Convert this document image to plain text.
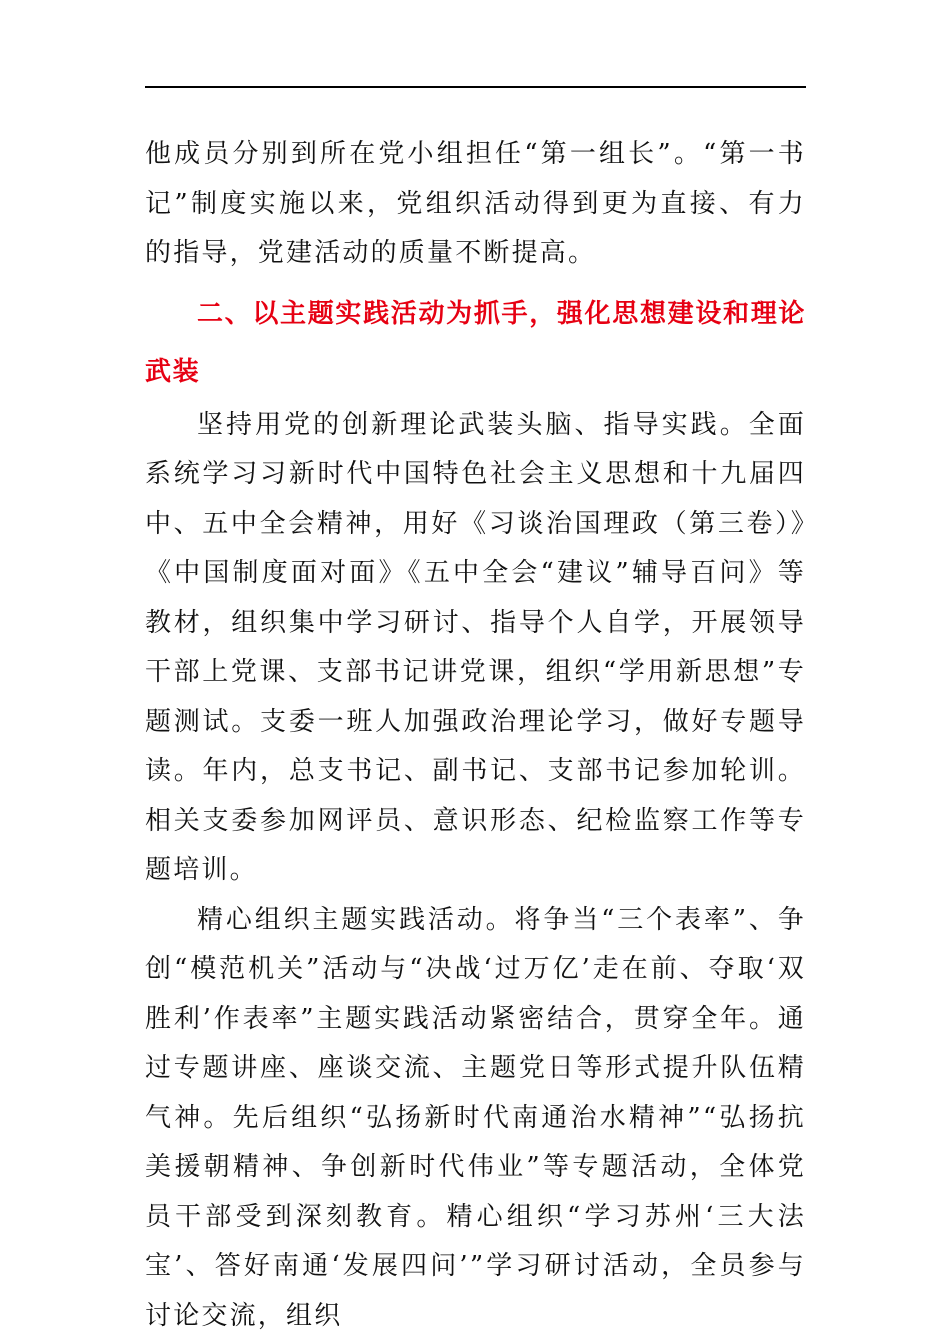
他成员分别到所在党小组担任“第一组长”。“第一书记”制度实施以来，党组织活动得到更为直接、有力的指导，党建活动的质量不断提高。

二、以主题实践活动为抓手，强化思想建设和理论武装

坚持用党的创新理论武装头脑、指导实践。全面系统学习习新时代中国特色社会主义思想和十九届四中、五中全会精神，用好《习谈治国理政（第三卷）》《中国制度面对面》《五中全会“建议”辅导百问》等教材，组织集中学习研讨、指导个人自学，开展领导干部上党课、支部书记讲党课，组织“学用新思想”专题测试。支委一班人加强政治理论学习，做好专题导读。年内，总支书记、副书记、支部书记参加轮训。相关支委参加网评员、意识形态、纪检监察工作等专题培训。

精心组织主题实践活动。将争当“三个表率”、争创“模范机关”活动与“决战‘过万亿’走在前、夺取‘双胜利’作表率”主题实践活动紧密结合，贯穿全年。通过专题讲座、座谈交流、主题党日等形式提升队伍精气神。先后组织“弘扬新时代南通治水精神”“弘扬抗美援朝精神、争创新时代伟业”等专题活动，全体党员干部受到深刻教育。精心组织“学习苏州‘三大法宝’、答好南通‘发展四问’”学习研讨活动，全员参与讨论交流，组织
